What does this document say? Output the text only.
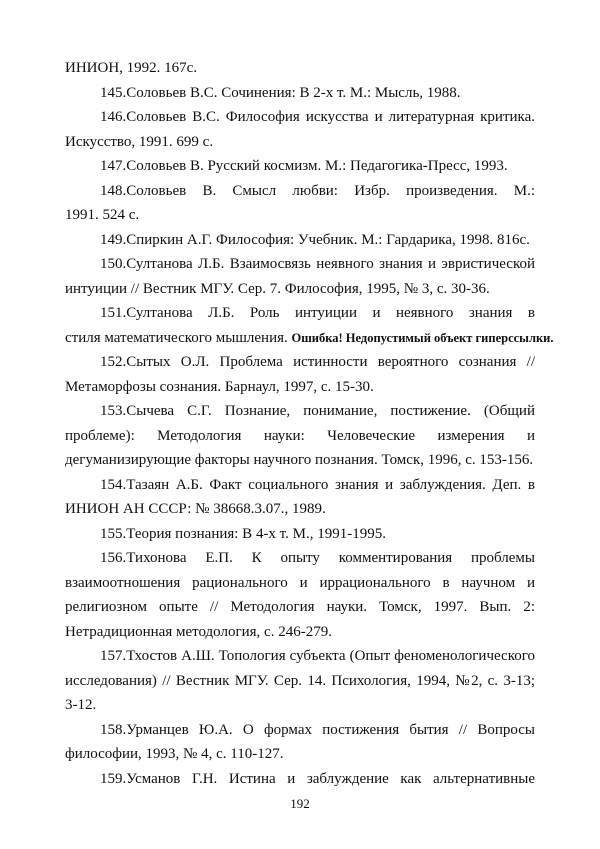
ИНИОН, 1992. 167с.
145.Соловьев В.С. Сочинения: В 2-х т. М.: Мысль, 1988.
146.Соловьев В.С. Философия искусства и литературная критика.
Искусство, 1991. 699 с.
147.Соловьев В. Русский космизм. М.: Педагогика-Пресс, 1993.
148.Соловьев В. Смысл любви: Избр. произведения. М.:
1991. 524 с.
149.Спиркин А.Г. Философия: Учебник. М.: Гардарика, 1998. 816с.
150.Султанова Л.Б. Взаимосвязь неявного знания и эвристической
интуиции // Вестник МГУ. Сер. 7. Философия, 1995, № 3, с. 30-36.
151.Султанова Л.Б. Роль интуиции и неявного знания в
стиля математического мышления. Ошибка! Недопустимый объект гиперссылки.
152.Сытых О.Л. Проблема истинности вероятного сознания //
Метаморфозы сознания. Барнаул, 1997, с. 15-30.
153.Сычева С.Г. Познание, понимание, постижение. (Общий
проблеме): Методология науки: Человеческие измерения и
дегуманизирующие факторы научного познания. Томск, 1996, с. 153-156.
154.Тазаян А.Б. Факт социального знания и заблуждения. Деп. в
ИНИОН АН СССР: № 38668.3.07., 1989.
155.Теория познания: В 4-х т. М., 1991-1995.
156.Тихонова Е.П. К опыту комментирования проблемы
взаимоотношения рационального и иррационального в научном и
религиозном опыте // Методология науки. Томск, 1997. Вып. 2:
Нетрадиционная методология, с. 246-279.
157.Тхостов А.Ш. Топология субъекта (Опыт феноменологического
исследования) // Вестник МГУ. Сер. 14. Психология, 1994, №2, с. 3-13;
3-12.
158.Урманцев Ю.А. О формах постижения бытия // Вопросы
философии, 1993, № 4, с. 110-127.
159.Усманов Г.Н. Истина и заблуждение как альтернативные
192
